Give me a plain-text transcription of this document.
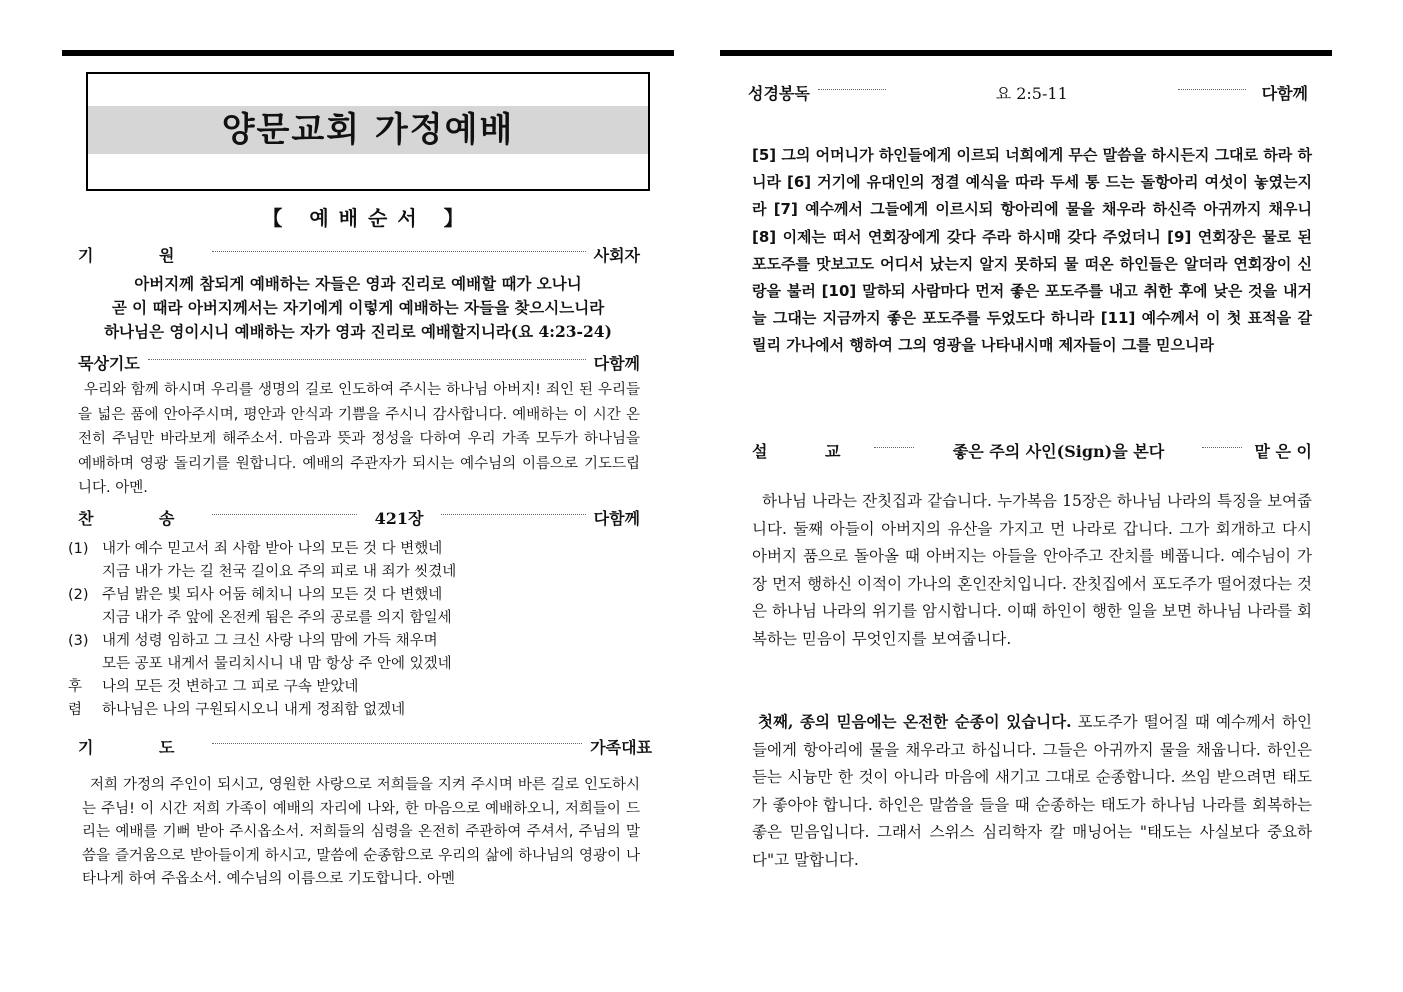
양문교회 가정예배
【 예배순서 】
기 원	사회자
아버지께 참되게 예배하는 자들은 영과 진리로 예배할 때가 오나니
곧 이 때라 아버지께서는 자기에게 이렇게 예배하는 자들을 찾으시느니라
하나님은 영이시니 예배하는 자가 영과 진리로 예배할지니라(요 4:23-24)
묵상기도	다함께
우리와 함께 하시며 우리를 생명의 길로 인도하여 주시는 하나님 아버지! 죄인 된 우리들을 넓은 품에 안아주시며, 평안과 안식과 기쁨을 주시니 감사합니다. 예배하는 이 시간 온전히 주님만 바라보게 해주소서. 마음과 뜻과 정성을 다하여 우리 가족 모두가 하나님을 예배하며 영광 돌리기를 원합니다. 예배의 주관자가 되시는 예수님의 이름으로 기도드립니다. 아멘.
찬 송	421장	다함께
(1) 내가 예수 믿고서 죄 사함 받아 나의 모든 것 다 변했네
지금 내가 가는 길 천국 길이요 주의 피로 내 죄가 씻겼네
(2) 주님 밝은 빛 되사 어둠 헤치니 나의 모든 것 다 변했네
지금 내가 주 앞에 온전케 됨은 주의 공로를 의지 함일세
(3) 내게 성령 임하고 그 크신 사랑 나의 맘에 가득 채우며
모든 공포 내게서 물리치시니 내 맘 항상 주 안에 있겠네
후	나의 모든 것 변하고 그 피로 구속 받았네
렴	하나님은 나의 구원되시오니 내게 정죄함 없겠네
기 도	가족대표
저희 가정의 주인이 되시고, 영원한 사랑으로 저희들을 지켜 주시며 바른 길로 인도하시는 주님! 이 시간 저희 가족이 예배의 자리에 나와, 한 마음으로 예배하오니, 저희들이 드리는 예배를 기뻐 받아 주시옵소서. 저희들의 심령을 온전히 주관하여 주셔서, 주님의 말씀을 즐거움으로 받아들이게 하시고, 말씀에 순종함으로 우리의 삶에 하나님의 영광이 나타나게 하여 주옵소서. 예수님의 이름으로 기도합니다. 아멘
성경봉독	요 2:5-11	다함께
[5] 그의 어머니가 하인들에게 이르되 너희에게 무슨 말씀을 하시든지 그대로 하라 하니라 [6] 거기에 유대인의 정결 예식을 따라 두세 통 드는 돌항아리 여섯이 놓였는지라 [7] 예수께서 그들에게 이르시되 항아리에 물을 채우라 하신즉 아귀까지 채우니 [8] 이제는 떠서 연회장에게 갖다 주라 하시매 갖다 주었더니 [9] 연회장은 물로 된 포도주를 맛보고도 어디서 났는지 알지 못하되 물 떠온 하인들은 알더라 연회장이 신랑을 불러 [10] 말하되 사람마다 먼저 좋은 포도주를 내고 취한 후에 낮은 것을 내거늘 그대는 지금까지 좋은 포도주를 두었도다 하니라 [11] 예수께서 이 첫 표적을 갈릴리 가나에서 행하여 그의 영광을 나타내시매 제자들이 그를 믿으니라
설 교	좋은 주의 사인(Sign)을 본다	맡 은 이
하나님 나라는 잔칫집과 같습니다. 누가복음 15장은 하나님 나라의 특징을 보여줍니다. 둘째 아들이 아버지의 유산을 가지고 먼 나라로 갑니다. 그가 회개하고 다시 아버지 품으로 돌아올 때 아버지는 아들을 안아주고 잔치를 베풉니다. 예수님이 가장 먼저 행하신 이적이 가나의 혼인잔치입니다. 잔칫집에서 포도주가 떨어졌다는 것은 하나님 나라의 위기를 암시합니다. 이때 하인이 행한 일을 보면 하나님 나라를 회복하는 믿음이 무엇인지를 보여줍니다.
첫째, 종의 믿음에는 온전한 순종이 있습니다. 포도주가 떨어질 때 예수께서 하인들에게 항아리에 물을 채우라고 하십니다. 그들은 아귀까지 물을 채웁니다. 하인은 듣는 시늉만 한 것이 아니라 마음에 새기고 그대로 순종합니다. 쓰임 받으려면 태도가 좋아야 합니다. 하인은 말씀을 들을 때 순종하는 태도가 하나님 나라를 회복하는 좋은 믿음입니다. 그래서 스위스 심리학자 칼 매닝어는 "태도는 사실보다 중요하다"고 말합니다.
